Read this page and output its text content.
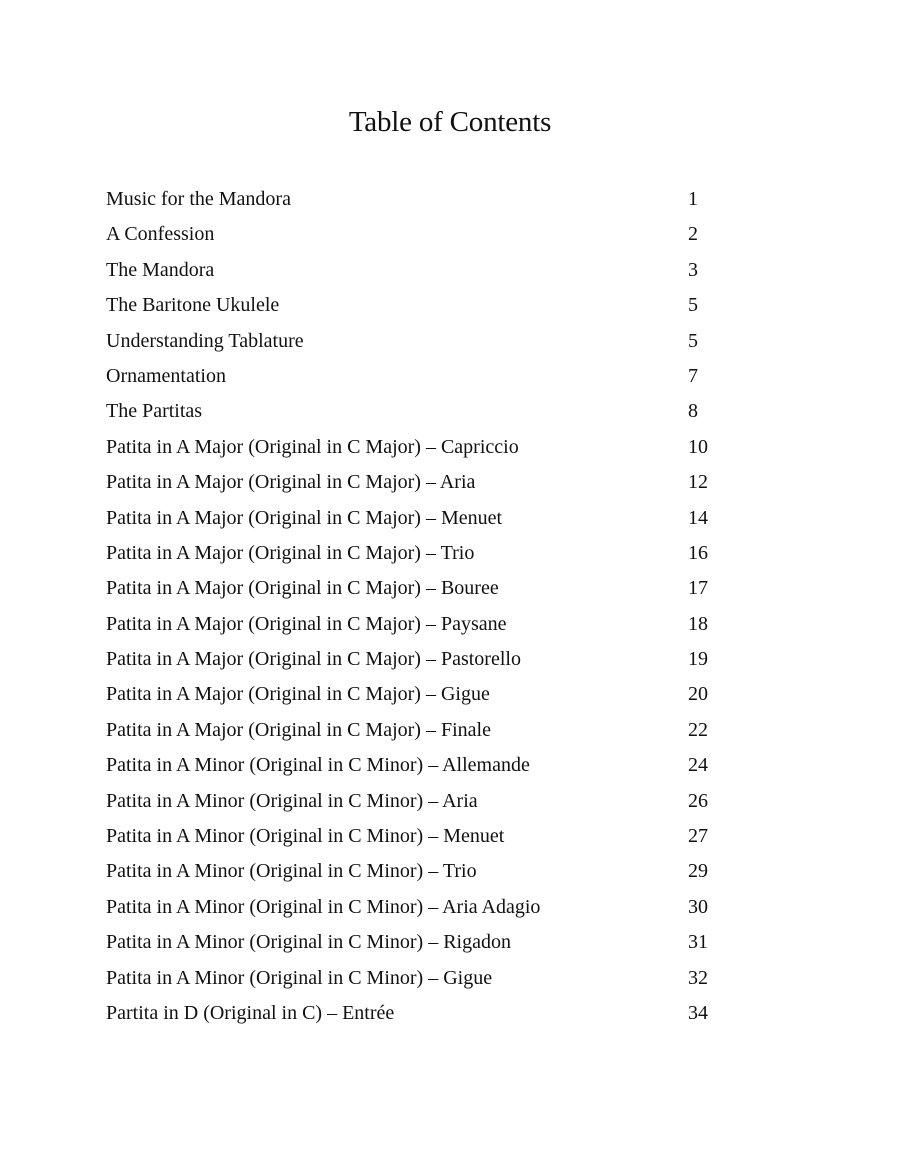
Table of Contents
Music for the Mandora	1
A Confession	2
The Mandora	3
The Baritone Ukulele	5
Understanding Tablature	5
Ornamentation	7
The Partitas	8
Patita in A Major (Original in C Major) – Capriccio	10
Patita in A Major (Original in C Major) – Aria	12
Patita in A Major (Original in C Major) – Menuet	14
Patita in A Major (Original in C Major) – Trio	16
Patita in A Major (Original in C Major) – Bouree	17
Patita in A Major (Original in C Major) – Paysane	18
Patita in A Major (Original in C Major) – Pastorello	19
Patita in A Major (Original in C Major) – Gigue	20
Patita in A Major (Original in C Major) – Finale	22
Patita in A Minor (Original in C Minor) – Allemande	24
Patita in A Minor (Original in C Minor) – Aria	26
Patita in A Minor (Original in C Minor) – Menuet	27
Patita in A Minor (Original in C Minor) – Trio	29
Patita in A Minor (Original in C Minor) – Aria Adagio	30
Patita in A Minor (Original in C Minor) – Rigadon	31
Patita in A Minor (Original in C Minor) – Gigue	32
Partita in D (Original in C) – Entrée	34
